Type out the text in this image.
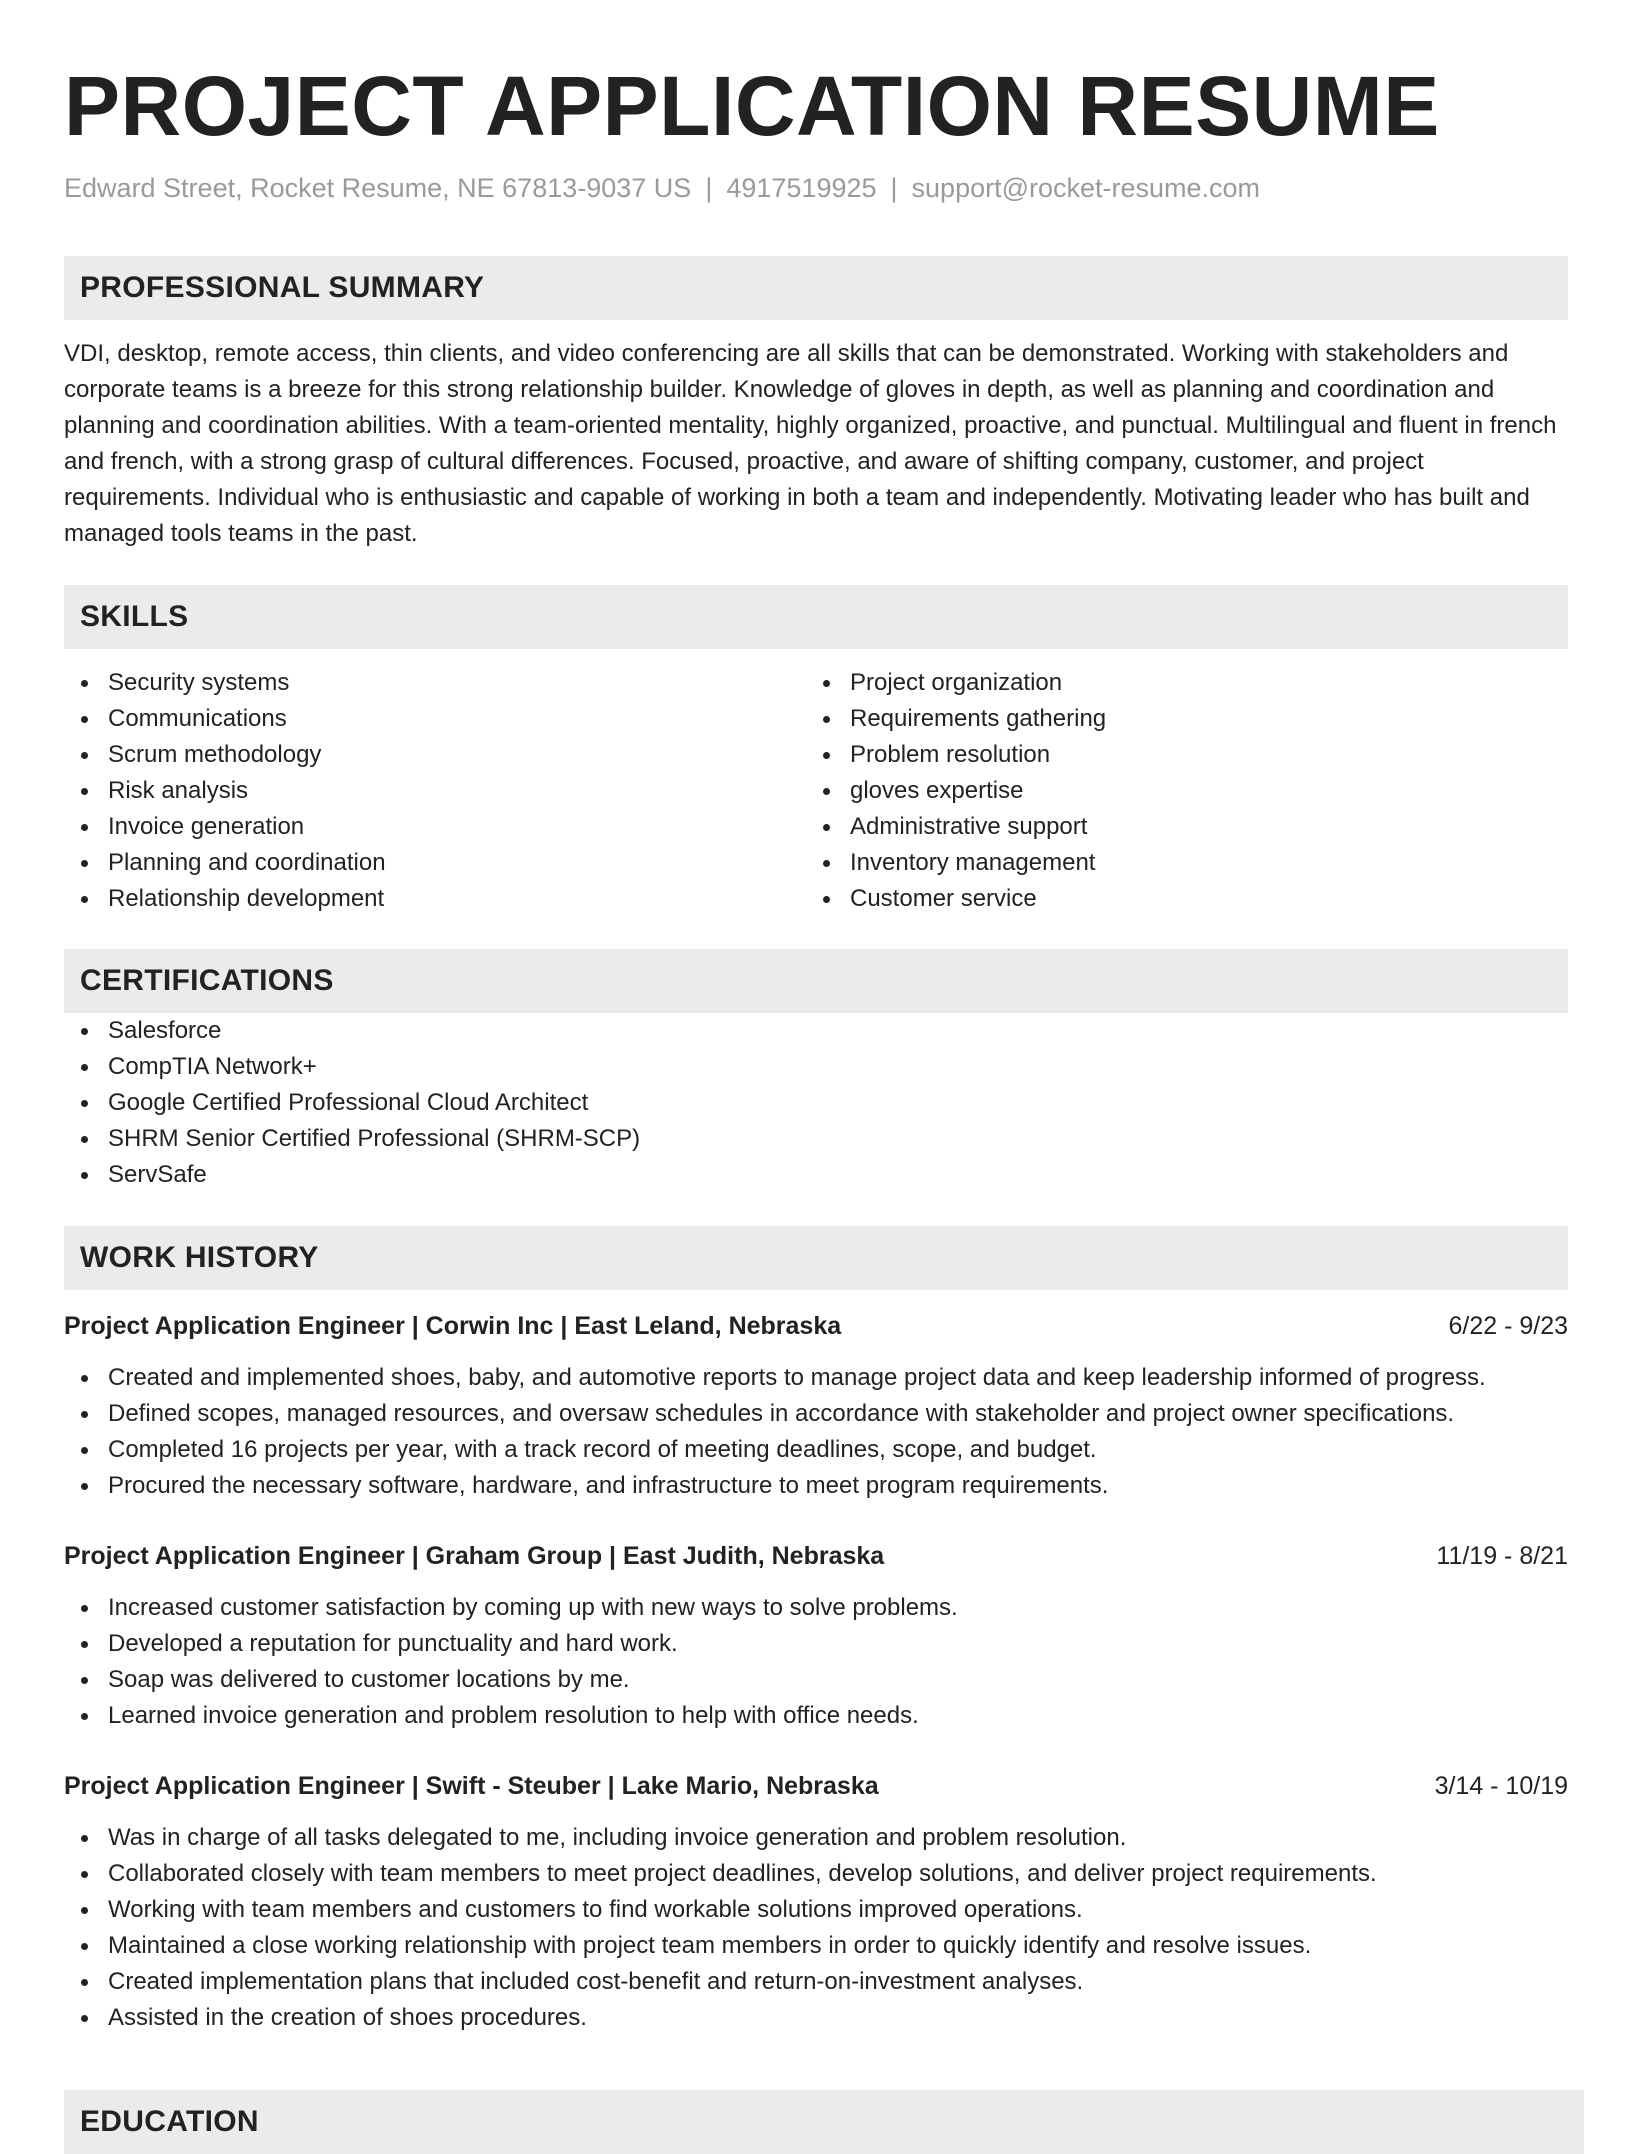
PROJECT APPLICATION RESUME
Edward Street, Rocket Resume, NE 67813-9037 US | 4917519925 | support@rocket-resume.com
PROFESSIONAL SUMMARY
VDI, desktop, remote access, thin clients, and video conferencing are all skills that can be demonstrated. Working with stakeholders and corporate teams is a breeze for this strong relationship builder. Knowledge of gloves in depth, as well as planning and coordination and planning and coordination abilities. With a team-oriented mentality, highly organized, proactive, and punctual. Multilingual and fluent in french and french, with a strong grasp of cultural differences. Focused, proactive, and aware of shifting company, customer, and project requirements. Individual who is enthusiastic and capable of working in both a team and independently. Motivating leader who has built and managed tools teams in the past.
SKILLS
Security systems
Communications
Scrum methodology
Risk analysis
Invoice generation
Planning and coordination
Relationship development
Project organization
Requirements gathering
Problem resolution
gloves expertise
Administrative support
Inventory management
Customer service
CERTIFICATIONS
Salesforce
CompTIA Network+
Google Certified Professional Cloud Architect
SHRM Senior Certified Professional (SHRM-SCP)
ServSafe
WORK HISTORY
Project Application Engineer | Corwin Inc | East Leland, Nebraska	6/22 - 9/23
Created and implemented shoes, baby, and automotive reports to manage project data and keep leadership informed of progress.
Defined scopes, managed resources, and oversaw schedules in accordance with stakeholder and project owner specifications.
Completed 16 projects per year, with a track record of meeting deadlines, scope, and budget.
Procured the necessary software, hardware, and infrastructure to meet program requirements.
Project Application Engineer | Graham Group | East Judith, Nebraska	11/19 - 8/21
Increased customer satisfaction by coming up with new ways to solve problems.
Developed a reputation for punctuality and hard work.
Soap was delivered to customer locations by me.
Learned invoice generation and problem resolution to help with office needs.
Project Application Engineer | Swift - Steuber | Lake Mario, Nebraska	3/14 - 10/19
Was in charge of all tasks delegated to me, including invoice generation and problem resolution.
Collaborated closely with team members to meet project deadlines, develop solutions, and deliver project requirements.
Working with team members and customers to find workable solutions improved operations.
Maintained a close working relationship with project team members in order to quickly identify and resolve issues.
Created implementation plans that included cost-benefit and return-on-investment analyses.
Assisted in the creation of shoes procedures.
EDUCATION
